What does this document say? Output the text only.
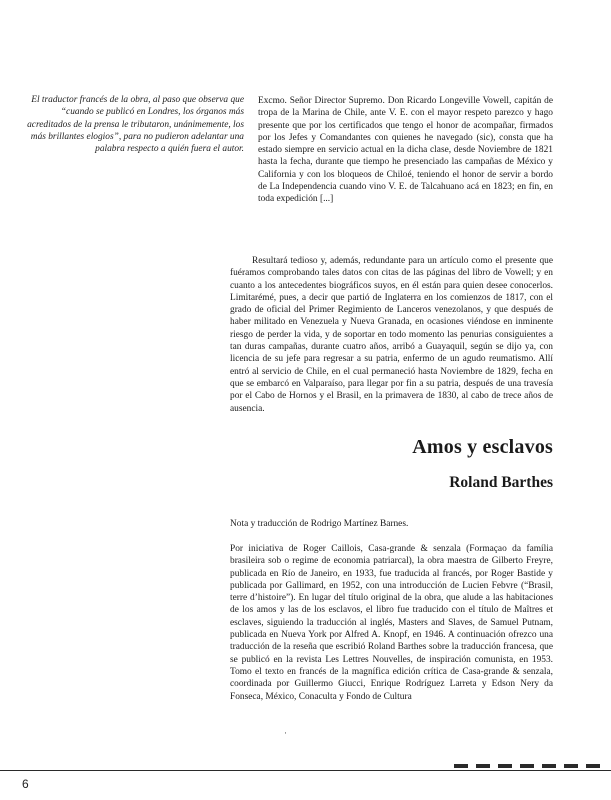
El traductor francés de la obra, al paso que observa que “cuando se publicó en Londres, los órganos más acreditados de la prensa le tributaron, unánimemente, los más brillantes elogios”, para no pudieron adelantar una palabra respecto a quién fuera el autor.

Excmo. Señor Director Supremo. Don Ricardo Longeville Vowell, capitán de tropa de la Marina de Chile, ante V. E. con el mayor respeto parezco y hago presente que por los certificados que tengo el honor de acompañar, firmados por los Jefes y Comandantes con quienes he navegado (sic), consta que ha estado siempre en servicio actual en la dicha clase, desde Noviembre de 1821 hasta la fecha, durante que tiempo he presenciado las campañas de México y California y con los bloqueos de Chiloé, teniendo el honor de servir a bordo de La Independencia cuando vino V. E. de Talcahuano acá en 1823; en fin, en toda expedición [...]

Resultará tedioso y, además, redundante para un artículo como el presente que fuéramos comprobando tales datos con citas de las páginas del libro de Vowell; y en cuanto a los antecedentes biográficos suyos, en él están para quien desee conocerlos. Limitarémé, pues, a decir que partió de Inglaterra en los comienzos de 1817, con el grado de oficial del Primer Regimiento de Lanceros venezolanos, y que después de haber militado en Venezuela y Nueva Granada, en ocasiones viéndose en inminente riesgo de perder la vida, y de soportar en todo momento las penurias consiguientes a tan duras campañas, durante cuatro años, arribó a Guayaquil, según se dijo ya, con licencia de su jefe para regresar a su patria, enfermo de un agudo reumatismo. Allí entró al servicio de Chile, en el cual permaneció hasta Noviembre de 1829, fecha en que se embarcó en Valparaíso, para llegar por fin a su patria, después de una travesía por el Cabo de Hornos y el Brasil, en la primavera de 1830, al cabo de trece años de ausencia.

Amos y esclavos
Roland Barthes

Nota y traducción de Rodrigo Martínez Barnes.

Por iniciativa de Roger Caillois, Casa-grande & senzala (Formaçao da família brasileira sob o regime de economia patriarcal), la obra maestra de Gilberto Freyre, publicada en Río de Janeiro, en 1933, fue traducida al francés, por Roger Bastide y publicada por Gallimard, en 1952, con una introducción de Lucien Febvre (“Brasil, terre d’histoire”). En lugar del título original de la obra, que alude a las habitaciones de los amos y las de los esclavos, el libro fue traducido con el título de Maîtres et esclaves, siguiendo la traducción al inglés, Masters and Slaves, de Samuel Putnam, publicada en Nueva York por Alfred A. Knopf, en 1946. A continuación ofrezco una traducción de la reseña que escribió Roland Barthes sobre la traducción francesa, que se publicó en la revista Les Lettres Nouvelles, de inspiración comunista, en 1953. Tomo el texto en francés de la magnífica edición crítica de Casa-grande & senzala, coordinada por Guillermo Giucci, Enrique Rodríguez Larreta y Edson Nery da Fonseca, México, Conaculta y Fondo de Cultura

·

6
